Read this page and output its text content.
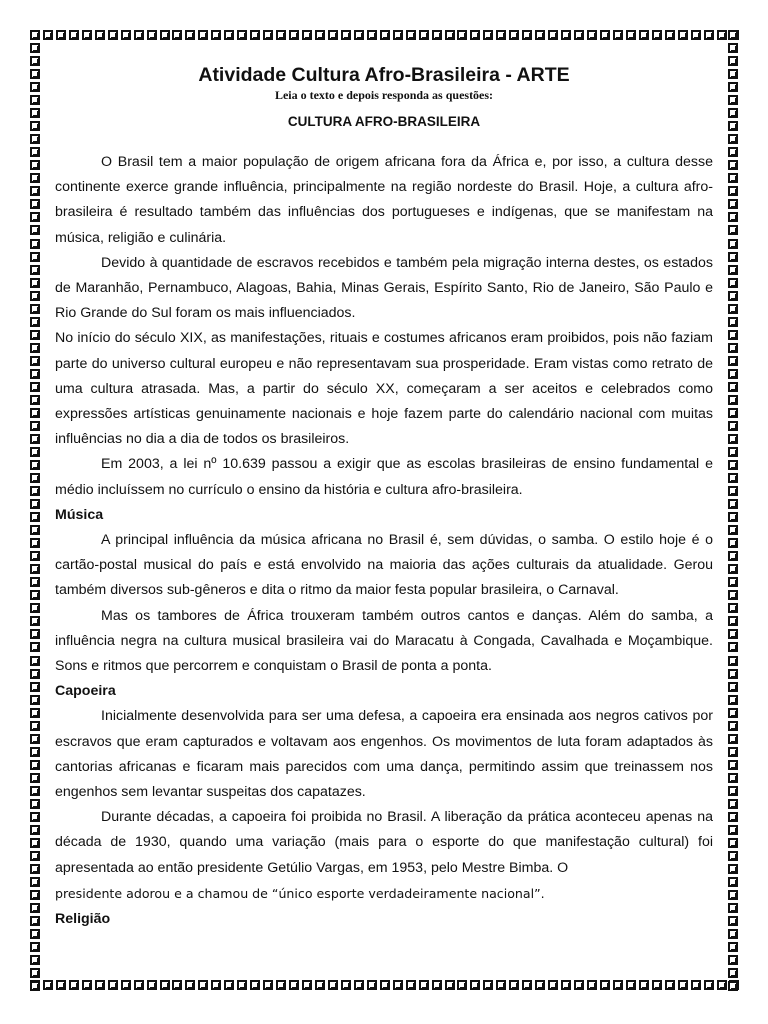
Atividade Cultura Afro-Brasileira - ARTE
Leia o texto e depois responda as questões:
CULTURA AFRO-BRASILEIRA

O Brasil tem a maior população de origem africana fora da África e, por isso, a cultura desse continente exerce grande influência, principalmente na região nordeste do Brasil. Hoje, a cultura afro-brasileira é resultado também das influências dos portugueses e indígenas, que se manifestam na música, religião e culinária.

Devido à quantidade de escravos recebidos e também pela migração interna destes, os estados de Maranhão, Pernambuco, Alagoas, Bahia, Minas Gerais, Espírito Santo, Rio de Janeiro, São Paulo e Rio Grande do Sul foram os mais influenciados.

No início do século XIX, as manifestações, rituais e costumes africanos eram proibidos, pois não faziam parte do universo cultural europeu e não representavam sua prosperidade. Eram vistas como retrato de uma cultura atrasada. Mas, a partir do século XX, começaram a ser aceitos e celebrados como expressões artísticas genuinamente nacionais e hoje fazem parte do calendário nacional com muitas influências no dia a dia de todos os brasileiros.

Em 2003, a lei nº 10.639 passou a exigir que as escolas brasileiras de ensino fundamental e médio incluíssem no currículo o ensino da história e cultura afro-brasileira.

Música

A principal influência da música africana no Brasil é, sem dúvidas, o samba. O estilo hoje é o cartão-postal musical do país e está envolvido na maioria das ações culturais da atualidade. Gerou também diversos sub-gêneros e dita o ritmo da maior festa popular brasileira, o Carnaval.

Mas os tambores de África trouxeram também outros cantos e danças. Além do samba, a influência negra na cultura musical brasileira vai do Maracatu à Congada, Cavalhada e Moçambique. Sons e ritmos que percorrem e conquistam o Brasil de ponta a ponta.

Capoeira

Inicialmente desenvolvida para ser uma defesa, a capoeira era ensinada aos negros cativos por escravos que eram capturados e voltavam aos engenhos. Os movimentos de luta foram adaptados às cantorias africanas e ficaram mais parecidos com uma dança, permitindo assim que treinassem nos engenhos sem levantar suspeitas dos capatazes.

Durante décadas, a capoeira foi proibida no Brasil. A liberação da prática aconteceu apenas na década de 1930, quando uma variação (mais para o esporte do que manifestação cultural) foi apresentada ao então presidente Getúlio Vargas, em 1953, pelo Mestre Bimba. O
presidente adorou e a chamou de “único esporte verdadeiramente nacional”.

Religião
